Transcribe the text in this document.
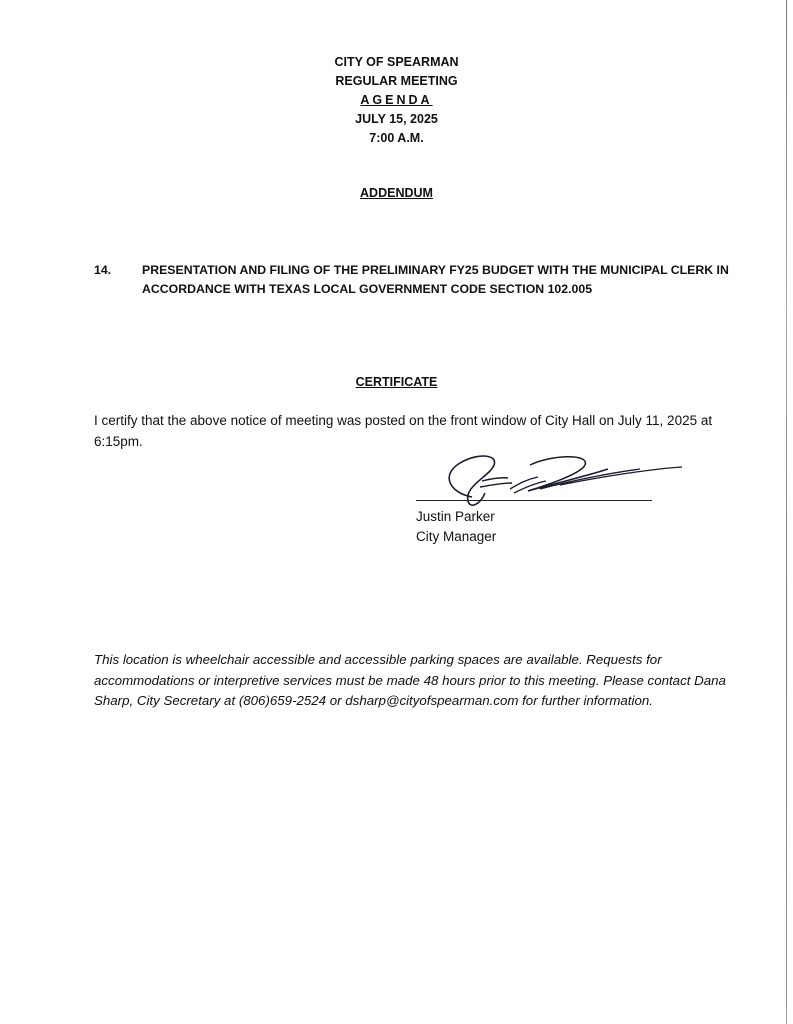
CITY OF SPEARMAN
REGULAR MEETING
AGENDA
JULY 15, 2025
7:00 A.M.
ADDENDUM
14.	PRESENTATION AND FILING OF THE PRELIMINARY FY25 BUDGET WITH THE MUNICIPAL CLERK IN ACCORDANCE WITH TEXAS LOCAL GOVERNMENT CODE SECTION 102.005
CERTIFICATE
I certify that the above notice of meeting was posted on the front window of City Hall on July 11, 2025 at 6:15pm.
Justin Parker
City Manager
This location is wheelchair accessible and accessible parking spaces are available. Requests for accommodations or interpretive services must be made 48 hours prior to this meeting. Please contact Dana Sharp, City Secretary at (806)659-2524 or dsharp@cityofspearman.com for further information.
